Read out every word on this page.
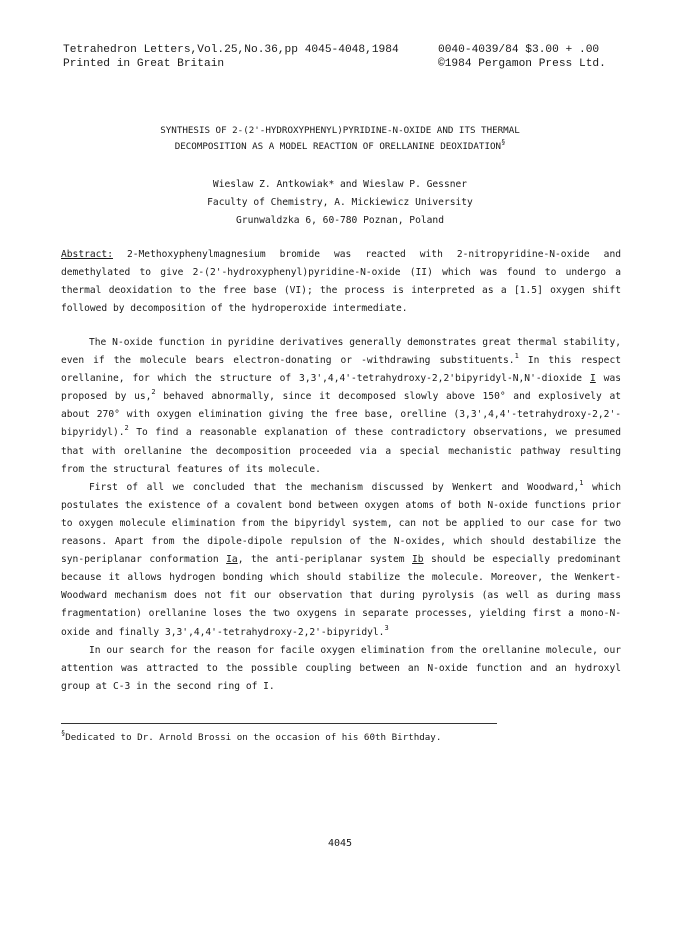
Tetrahedron Letters,Vol.25,No.36,pp 4045-4048,1984
Printed in Great Britain
0040-4039/84 $3.00 + .00
©1984 Pergamon Press Ltd.
SYNTHESIS OF 2-(2'-HYDROXYPHENYL)PYRIDINE-N-OXIDE AND ITS THERMAL
DECOMPOSITION AS A MODEL REACTION OF ORELLANINE DEOXIDATION§
Wieslaw Z. Antkowiak* and Wieslaw P. Gessner
Faculty of Chemistry, A. Mickiewicz University
Grunwaldzka 6, 60-780 Poznan, Poland
Abstract: 2-Methoxyphenylmagnesium bromide was reacted with 2-nitropyridine-N-oxide and demethylated to give 2-(2'-hydroxyphenyl)pyridine-N-oxide (II) which was found to undergo a thermal deoxidation to the free base (VI); the process is interpreted as a [1.5] oxygen shift followed by decomposition of the hydroperoxide intermediate.
The N-oxide function in pyridine derivatives generally demonstrates great thermal stability, even if the molecule bears electron-donating or -withdrawing substituents.$^1$ In this respect orellanine, for which the structure of 3,3',4,4'-tetrahydroxy-2,2'bipyridyl-N,N'-dioxide I was proposed by us,$^2$ behaved abnormally, since it decomposed slowly above 150° and explosively at about 270° with oxygen elimination giving the free base, orelline (3,3',4,4'-tetrahydroxy-2,2'-bipyridyl).$^2$ To find a reasonable explanation of these contradictory observations, we presumed that with orellanine the decomposition proceeded via a special mechanistic pathway resulting from the structural features of its molecule.
First of all we concluded that the mechanism discussed by Wenkert and Woodward,$^1$ which postulates the existence of a covalent bond between oxygen atoms of both N-oxide functions prior to oxygen molecule elimination from the bipyridyl system, can not be applied to our case for two reasons. Apart from the dipole-dipole repulsion of the N-oxides, which should destabilize the syn-periplanar conformation Ia, the anti-periplanar system Ib should be especially predominant because it allows hydrogen bonding which should stabilize the molecule. Moreover, the Wenkert-Woodward mechanism does not fit our observation that during pyrolysis (as well as during mass fragmentation) orellanine loses the two oxygens in separate processes, yielding first a mono-N-oxide and finally 3,3',4,4'-tetrahydroxy-2,2'-bipyridyl.$^3$
In our search for the reason for facile oxygen elimination from the orellanine molecule, our attention was attracted to the possible coupling between an N-oxide function and an hydroxyl group at C-3 in the second ring of I.
§Dedicated to Dr. Arnold Brossi on the occasion of his 60th Birthday.
4045
